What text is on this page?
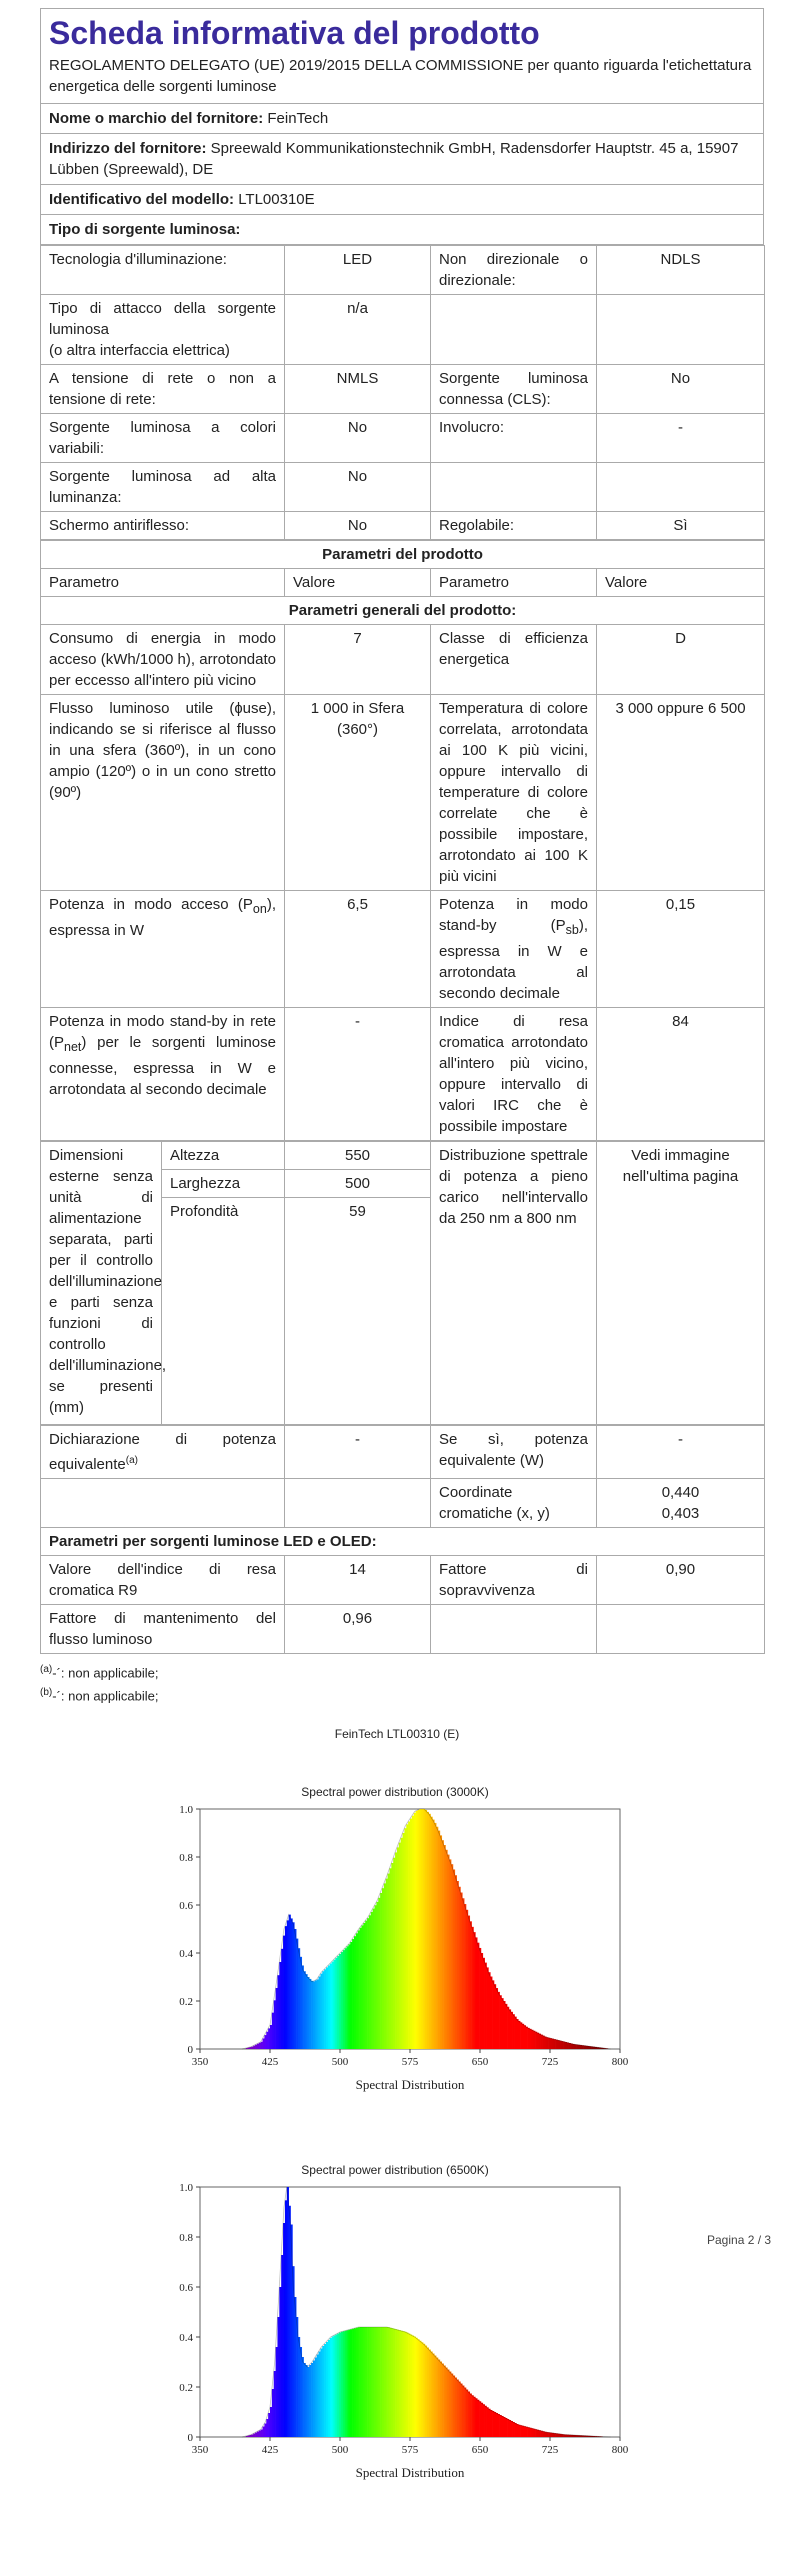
Scheda informativa del prodotto
REGOLAMENTO DELEGATO (UE) 2019/2015 DELLA COMMISSIONE per quanto riguarda l'etichettatura energetica delle sorgenti luminose
Nome o marchio del fornitore: FeinTech
Indirizzo del fornitore: Spreewald Kommunikationstechnik GmbH, Radensdorfer Hauptstr. 45 a, 15907 Lübben (Spreewald), DE
Identificativo del modello: LTL00310E
Tipo di sorgente luminosa:
Tecnologia d'illuminazione:	LED	Non direzionale o direzionale:	NDLS
Tipo di attacco della sorgente luminosa
(o altra interfaccia elettrica)	n/a		
A tensione di rete o non a tensione di rete:	NMLS	Sorgente luminosa connessa (CLS):	No
Sorgente luminosa a colori variabili:	No	Involucro:	-
Sorgente luminosa ad alta luminanza:	No		
Schermo antiriflesso:	No	Regolabile:	Sì
Parametri del prodotto			
Parametro	Valore	Parametro	Valore
Parametri generali del prodotto:			
Consumo di energia in modo acceso (kWh/1000 h), arrotondato per eccesso all'intero più vicino	7	Classe di efficienza energetica	D
Flusso luminoso utile (ɸuse), indicando se si riferisce al flusso in una sfera (360º), in un cono ampio (120º) o in un cono stretto (90º)	1 000 in Sfera (360°)	Temperatura di colore correlata, arrotondata ai 100 K più vicini, oppure intervallo di temperature di colore correlate che è possibile impostare, arrotondato ai 100 K più vicini	3 000 oppure 6 500
Potenza in modo acceso $(P_{on})$, espressa in W	6,5	Potenza in modo stand-by $(P_{sb})$, espressa in W e arrotondata al secondo decimale	0,15
Potenza in modo stand-by in rete $(P_{net})$ per le sorgenti luminose connesse, espressa in W e arrotondata al secondo decimale	-	Indice di resa cromatica arrotondato all'intero più vicino, oppure intervallo di valori IRC che è possibile impostare	84
Dimensioni esterne senza unità di alimentazione separata, parti per il controllo dell'illuminazione e parti senza funzioni di controllo dell'illuminazione, se presenti (mm)	Altezza	550	Distribuzione spettrale di potenza a pieno carico nell'intervallo da 250 nm a 800 nm	Vedi immagine nell'ultima pagina
	Larghezza	500		
	Profondità	59		
Dichiarazione di potenza equivalente$^{(a)}$	-	Se sì, potenza equivalente (W)	-
		Coordinate cromatiche (x, y)	0,440
0,403

Parametri per sorgenti luminose LED e OLED:			
Valore dell'indice di resa cromatica R9	14	Fattore di sopravvivenza	0,90
Fattore di mantenimento del flusso luminoso	0,96		
$^{(a)}$-´: non applicabile;
$^{(b)}$-´: non applicabile;
FeinTech LTL00310 (E)
Pagina 2 / 3
Spectral power distribution (3000K)
350	425	500	575	650	725	800
0
0.2
0.4
0.6
0.8
1.0
Spectral Distribution
Spectral power distribution (6500K)
350	425	500	575	650	725	800
0
0.2
0.4
0.6
0.8
1.0
Spectral Distribution
